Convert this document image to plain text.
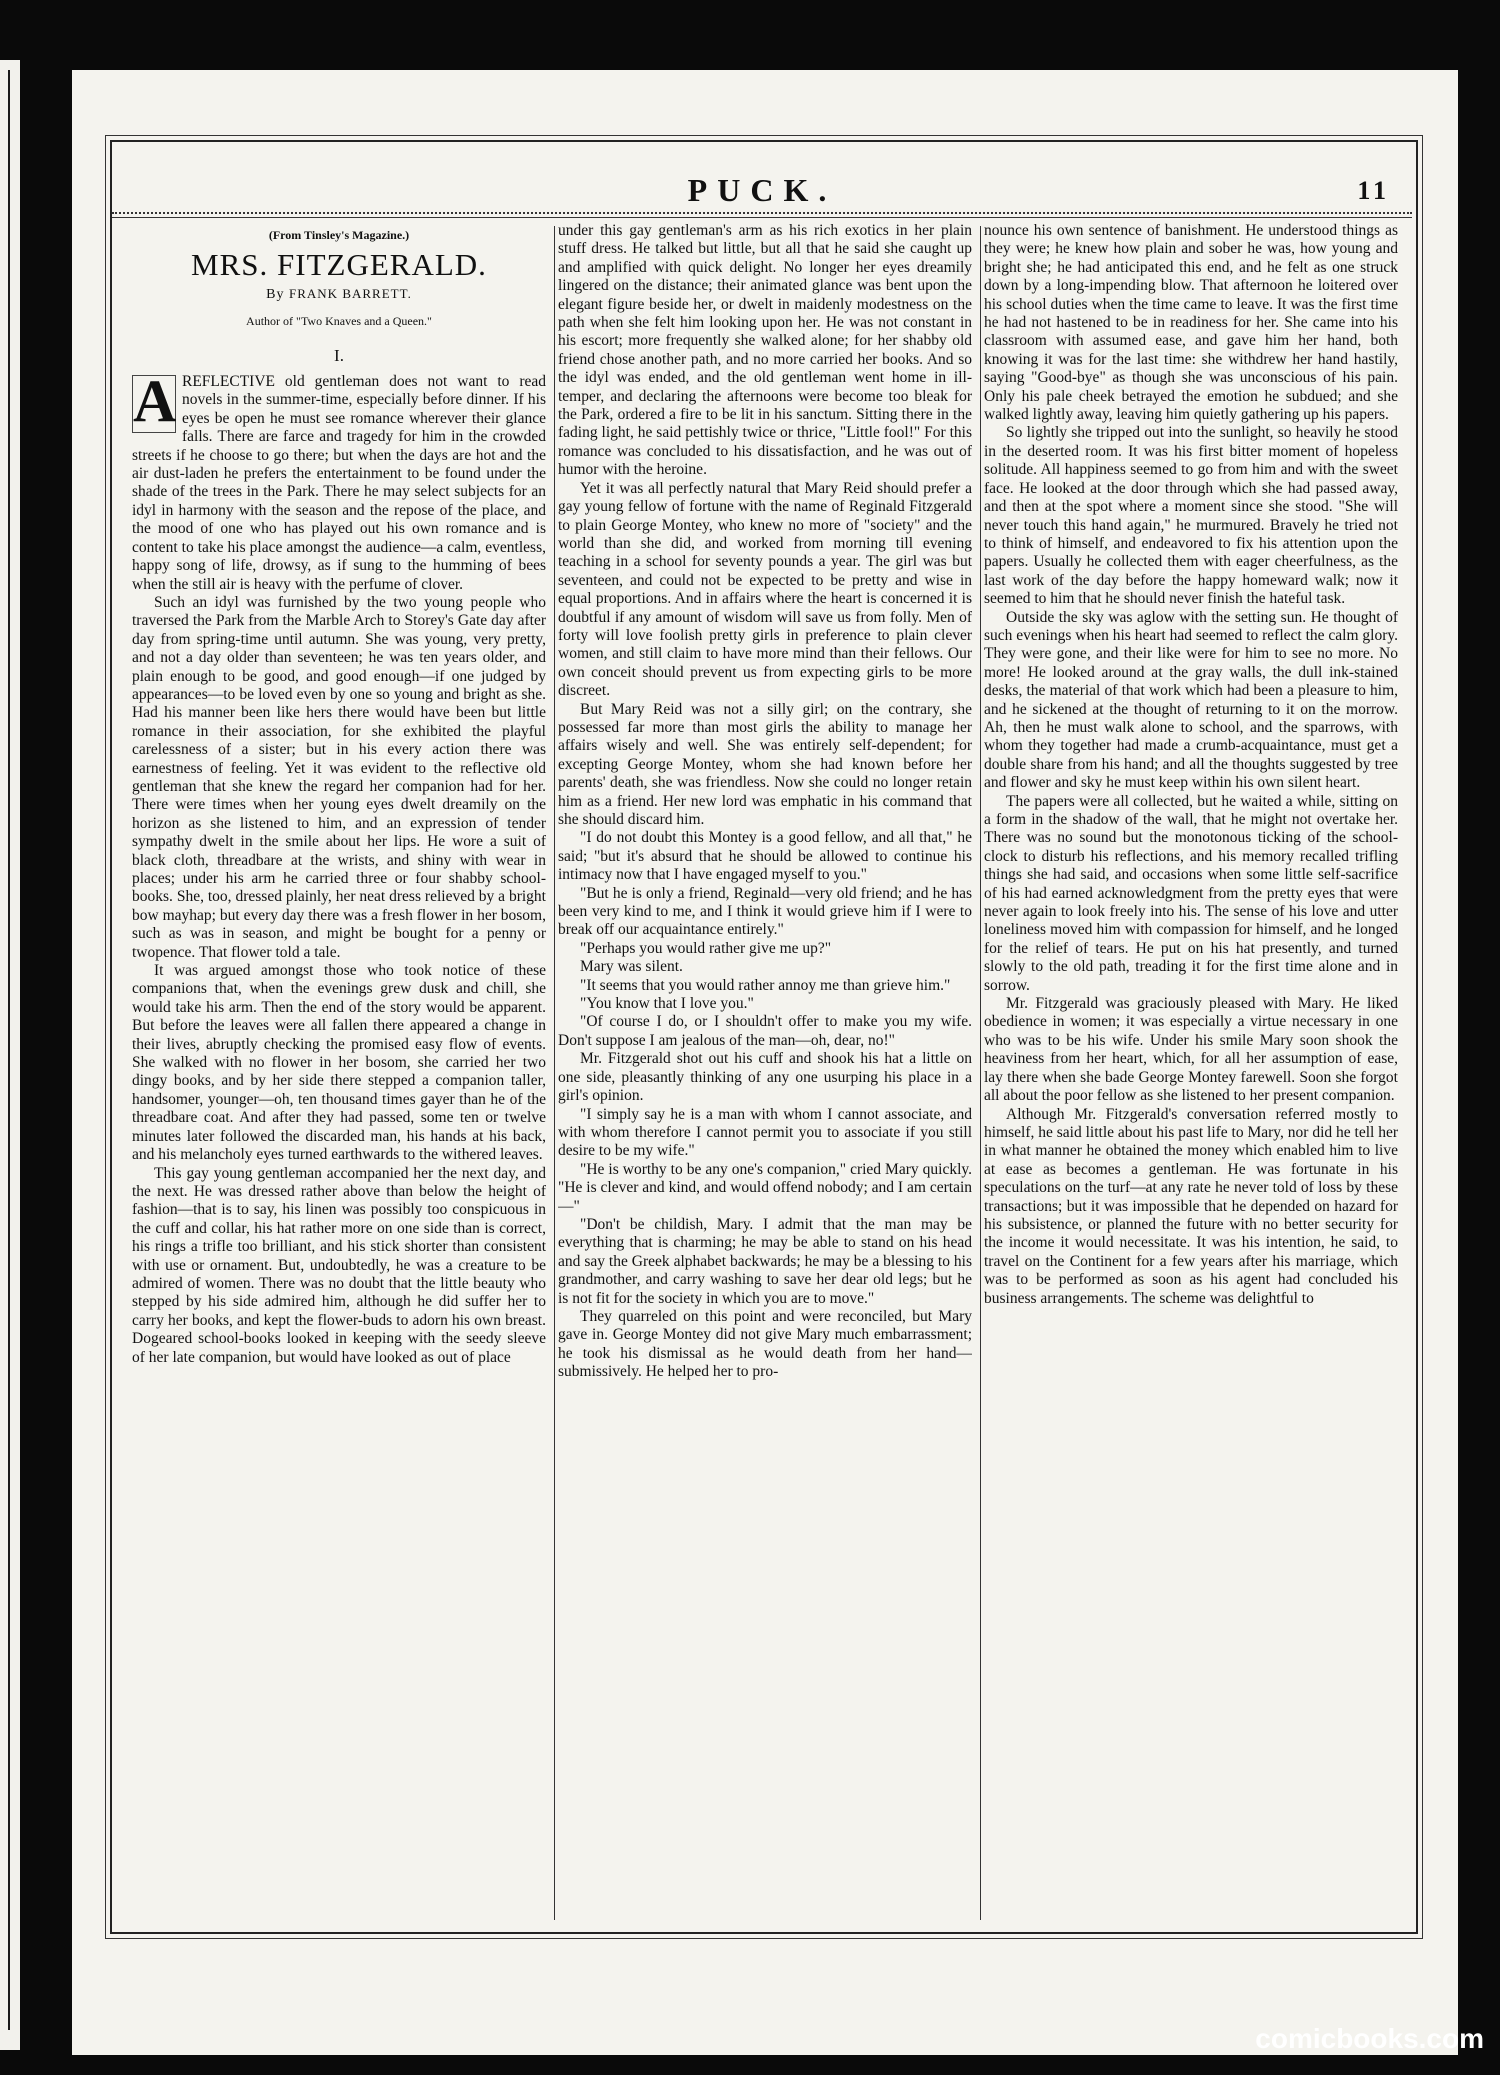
PUCK.	11
(From Tinsley's Magazine.)
MRS. FITZGERALD.
By FRANK BARRETT.
Author of "Two Knaves and a Queen."
I.

A REFLECTIVE old gentleman does not want to read novels in the summer-time, especially before dinner. If his eyes be open he must see romance wherever their glance falls. There are farce and tragedy for him in the crowded streets if he choose to go there; but when the days are hot and the air dust-laden he prefers the entertainment to be found under the shade of the trees in the Park. There he may select subjects for an idyl in harmony with the season and the repose of the place, and the mood of one who has played out his own romance and is content to take his place amongst the audience—a calm, eventless, happy song of life, drowsy, as if sung to the humming of bees when the still air is heavy with the perfume of clover.

Such an idyl was furnished by the two young people who traversed the Park from the Marble Arch to Storey's Gate day after day from spring-time until autumn. She was young, very pretty, and not a day older than seventeen; he was ten years older, and plain enough to be good, and good enough—if one judged by appearances—to be loved even by one so young and bright as she. Had his manner been like hers there would have been but little romance in their association, for she exhibited the playful carelessness of a sister; but in his every action there was earnestness of feeling. Yet it was evident to the reflective old gentleman that she knew the regard her companion had for her. There were times when her young eyes dwelt dreamily on the horizon as she listened to him, and an expression of tender sympathy dwelt in the smile about her lips. He wore a suit of black cloth, threadbare at the wrists, and shiny with wear in places; under his arm he carried three or four shabby school-books. She, too, dressed plainly, her neat dress relieved by a bright bow mayhap; but every day there was a fresh flower in her bosom, such as was in season, and might be bought for a penny or twopence. That flower told a tale.

It was argued amongst those who took notice of these companions that, when the evenings grew dusk and chill, she would take his arm. Then the end of the story would be apparent. But before the leaves were all fallen there appeared a change in their lives, abruptly checking the promised easy flow of events. She walked with no flower in her bosom, she carried her two dingy books, and by her side there stepped a companion taller, handsomer, younger—oh, ten thousand times gayer than he of the threadbare coat. And after they had passed, some ten or twelve minutes later followed the discarded man, his hands at his back, and his melancholy eyes turned earthwards to the withered leaves.

This gay young gentleman accompanied her the next day, and the next. He was dressed rather above than below the height of fashion—that is to say, his linen was possibly too conspicuous in the cuff and collar, his hat rather more on one side than is correct, his rings a trifle too brilliant, and his stick shorter than consistent with use or ornament. But, undoubtedly, he was a creature to be admired of women. There was no doubt that the little beauty who stepped by his side admired him, although he did suffer her to carry her books, and kept the flower-buds to adorn his own breast. Dogeared school-books looked in keeping with the seedy sleeve of her late companion, but would have looked as out of place

under this gay gentleman's arm as his rich exotics in her plain stuff dress. He talked but little, but all that he said she caught up and amplified with quick delight. No longer her eyes dreamily lingered on the distance; their animated glance was bent upon the elegant figure beside her, or dwelt in maidenly modestness on the path when she felt him looking upon her. He was not constant in his escort; more frequently she walked alone; for her shabby old friend chose another path, and no more carried her books. And so the idyl was ended, and the old gentleman went home in ill-temper, and declaring the afternoons were become too bleak for the Park, ordered a fire to be lit in his sanctum. Sitting there in the fading light, he said pettishly twice or thrice, "Little fool!" For this romance was concluded to his dissatisfaction, and he was out of humor with the heroine.

Yet it was all perfectly natural that Mary Reid should prefer a gay young fellow of fortune with the name of Reginald Fitzgerald to plain George Montey, who knew no more of "society" and the world than she did, and worked from morning till evening teaching in a school for seventy pounds a year. The girl was but seventeen, and could not be expected to be pretty and wise in equal proportions. And in affairs where the heart is concerned it is doubtful if any amount of wisdom will save us from folly. Men of forty will love foolish pretty girls in preference to plain clever women, and still claim to have more mind than their fellows. Our own conceit should prevent us from expecting girls to be more discreet.

But Mary Reid was not a silly girl; on the contrary, she possessed far more than most girls the ability to manage her affairs wisely and well. She was entirely self-dependent; for excepting George Montey, whom she had known before her parents' death, she was friendless. Now she could no longer retain him as a friend. Her new lord was emphatic in his command that she should discard him.

"I do not doubt this Montey is a good fellow, and all that," he said; "but it's absurd that he should be allowed to continue his intimacy now that I have engaged myself to you."

"But he is only a friend, Reginald—very old friend; and he has been very kind to me, and I think it would grieve him if I were to break off our acquaintance entirely."

"Perhaps you would rather give me up?"

Mary was silent.

"It seems that you would rather annoy me than grieve him."

"You know that I love you."

"Of course I do, or I shouldn't offer to make you my wife. Don't suppose I am jealous of the man—oh, dear, no!"

Mr. Fitzgerald shot out his cuff and shook his hat a little on one side, pleasantly thinking of any one usurping his place in a girl's opinion.

"I simply say he is a man with whom I cannot associate, and with whom therefore I cannot permit you to associate if you still desire to be my wife."

"He is worthy to be any one's companion," cried Mary quickly. "He is clever and kind, and would offend nobody; and I am certain—"

"Don't be childish, Mary. I admit that the man may be everything that is charming; he may be able to stand on his head and say the Greek alphabet backwards; he may be a blessing to his grandmother, and carry washing to save her dear old legs; but he is not fit for the society in which you are to move."

They quarreled on this point and were reconciled, but Mary gave in. George Montey did not give Mary much embarrassment; he took his dismissal as he would death from her hand—submissively. He helped her to pro-

nounce his own sentence of banishment. He understood things as they were; he knew how plain and sober he was, how young and bright she; he had anticipated this end, and he felt as one struck down by a long-impending blow. That afternoon he loitered over his school duties when the time came to leave. It was the first time he had not hastened to be in readiness for her. She came into his classroom with assumed ease, and gave him her hand, both knowing it was for the last time: she withdrew her hand hastily, saying "Good-bye" as though she was unconscious of his pain. Only his pale cheek betrayed the emotion he subdued; and she walked lightly away, leaving him quietly gathering up his papers.

So lightly she tripped out into the sunlight, so heavily he stood in the deserted room. It was his first bitter moment of hopeless solitude. All happiness seemed to go from him and with the sweet face. He looked at the door through which she had passed away, and then at the spot where a moment since she stood. "She will never touch this hand again," he murmured. Bravely he tried not to think of himself, and endeavored to fix his attention upon the papers. Usually he collected them with eager cheerfulness, as the last work of the day before the happy homeward walk; now it seemed to him that he should never finish the hateful task.

Outside the sky was aglow with the setting sun. He thought of such evenings when his heart had seemed to reflect the calm glory. They were gone, and their like were for him to see no more. No more! He looked around at the gray walls, the dull ink-stained desks, the material of that work which had been a pleasure to him, and he sickened at the thought of returning to it on the morrow. Ah, then he must walk alone to school, and the sparrows, with whom they together had made a crumb-acquaintance, must get a double share from his hand; and all the thoughts suggested by tree and flower and sky he must keep within his own silent heart.

The papers were all collected, but he waited a while, sitting on a form in the shadow of the wall, that he might not overtake her. There was no sound but the monotonous ticking of the school-clock to disturb his reflections, and his memory recalled trifling things she had said, and occasions when some little self-sacrifice of his had earned acknowledgment from the pretty eyes that were never again to look freely into his. The sense of his love and utter loneliness moved him with compassion for himself, and he longed for the relief of tears. He put on his hat presently, and turned slowly to the old path, treading it for the first time alone and in sorrow.

Mr. Fitzgerald was graciously pleased with Mary. He liked obedience in women; it was especially a virtue necessary in one who was to be his wife. Under his smile Mary soon shook the heaviness from her heart, which, for all her assumption of ease, lay there when she bade George Montey farewell. Soon she forgot all about the poor fellow as she listened to her present companion.

Although Mr. Fitzgerald's conversation referred mostly to himself, he said little about his past life to Mary, nor did he tell her in what manner he obtained the money which enabled him to live at ease as becomes a gentleman. He was fortunate in his speculations on the turf—at any rate he never told of loss by these transactions; but it was impossible that he depended on hazard for his subsistence, or planned the future with no better security for the income it would necessitate. It was his intention, he said, to travel on the Continent for a few years after his marriage, which was to be performed as soon as his agent had concluded his business arrangements. The scheme was delightful to

comicbooks.com
